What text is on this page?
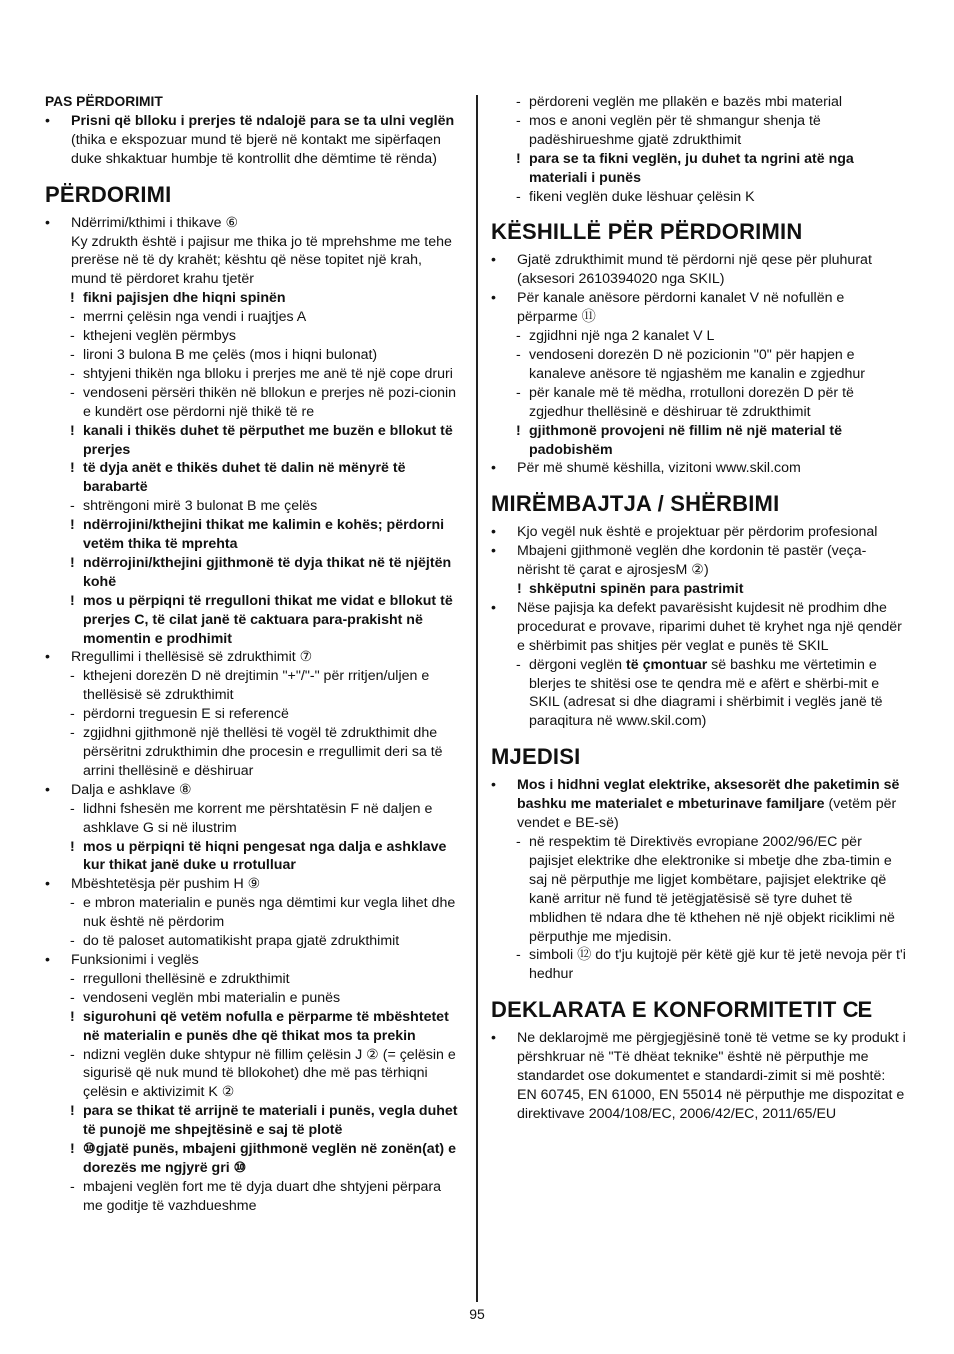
PAS PËRDORIMIT
• Prisni që blloku i prerjes të ndalojë para se ta ulni veglën (thika e ekspozuar mund të bjerë në kontakt me sipërfaqen duke shkaktuar humbje të kontrollit dhe dëmtime të rënda)
PËRDORIMI
• Ndërrimi/kthimi i thikave ⑥
Ky zdrukth është i pajisur me thika jo të mprehshme me tehe prerëse në të dy krahët; kështu që nëse topitet një krah, mund të përdoret krahu tjetër
! fikni pajisjen dhe hiqni spinën
- merrni çelësin nga vendi i ruajtjes A
- kthejeni veglën përmbys
- lironi 3 bulona B me çelës (mos i hiqni bulonat)
- shtyjeni thikën nga blloku i prerjes me anë të një cope druri
- vendoseni përsëri thikën në bllokun e prerjes në pozi-cionin e kundërt ose përdorni një thikë të re
! kanali i thikës duhet të përputhet me buzën e bllokut të prerjes
! të dyja anët e thikës duhet të dalin në mënyrë të barabartë
- shtrëngoni mirë 3 bulonat B me çelës
! ndërrojini/kthejini thikat me kalimin e kohës; përdorni vetëm thika të mprehta
! ndërrojini/kthejini gjithmonë të dyja thikat në të njëjtën kohë
! mos u përpiqni të rregulloni thikat me vidat e bllokut të prerjes C, të cilat janë të caktuara para-prakisht në momentin e prodhimit
• Rregullimi i thellësisë së zdrukthimit ⑦
- kthejeni dorezën D në drejtimin "+"/"-" për rritjen/uljen e thellësisë së zdrukthimit
- përdorni treguesin E si referencë
- zgjidhni gjithmonë një thellësi të vogël të zdrukthimit dhe përsëritni zdrukthimin dhe procesin e rregullimit deri sa të arrini thellësinë e dëshiruar
• Dalja e ashklave ⑧
- lidhni fshesën me korrent me përshtatësin F në daljen e ashklave G si në ilustrim
! mos u përpiqni të hiqni pengesat nga dalja e ashklave kur thikat janë duke u rrotulluar
• Mbështetësja për pushim H ⑨
- e mbron materialin e punës nga dëmtimi kur vegla lihet dhe nuk është në përdorim
- do të paloset automatikisht prapa gjatë zdrukthimit
• Funksionimi i veglës
- rregulloni thellësinë e zdrukthimit
- vendoseni veglën mbi materialin e punës
! sigurohuni që vetëm nofulla e përparme të mbështetet në materialin e punës dhe që thikat mos ta prekin
- ndizni veglën duke shtypur në fillim çelësin J ② (= çelësin e sigurisë që nuk mund të bllokohet) dhe më pas tërhiqni çelësin e aktivizimit K ②
! para se thikat të arrijnë te materiali i punës, vegla duhet të punojë me shpejtësinë e saj të plotë
! ⑩gjatë punës, mbajeni gjithmonë veglën në zonën(at) e dorezës me ngjyrë gri ⑩
- mbajeni veglën fort me të dyja duart dhe shtyjeni përpara me goditje të vazhdueshme
- përdoreni veglën me pllakën e bazës mbi material
- mos e anoni veglën për të shmangur shenja të padëshirueshme gjatë zdrukthimit
! para se ta fikni veglën, ju duhet ta ngrini atë nga materiali i punës
- fikeni veglën duke lëshuar çelësin K
KËSHILLË PËR PËRDORIMIN
• Gjatë zdrukthimit mund të përdorni një qese për pluhurat (aksesori 2610394020 nga SKIL)
• Për kanale anësore përdorni kanalet V në nofullën e përparme ⑪
- zgjidhni një nga 2 kanalet V L
- vendoseni dorezën D në pozicionin "0" për hapjen e kanaleve anësore të ngjashëm me kanalin e zgjedhur
- për kanale më të mëdha, rrotulloni dorezën D për të zgjedhur thellësinë e dëshiruar të zdrukthimit
! gjithmonë provojeni në fillim në një material të padobishëm
• Për më shumë këshilla, vizitoni www.skil.com
MIRËMBAJTJA / SHËRBIMI
• Kjo vegël nuk është e projektuar për përdorim profesional
• Mbajeni gjithmonë veglën dhe kordonin të pastër (veça-nërisht të çarat e ajrosjesM ②)
! shkëputni spinën para pastrimit
• Nëse pajisja ka defekt pavarësisht kujdesit në prodhim dhe procedurat e provave, riparimi duhet të kryhet nga një qendër e shërbimit pas shitjes për veglat e punës të SKIL
- dërgoni veglën të çmontuar së bashku me vërtetimin e blerjes te shitësi ose te qendra më e afërt e shërbi-mit e SKIL (adresat si dhe diagrami i shërbimit i veglës janë të paraqitura në www.skil.com)
MJEDISI
• Mos i hidhni veglat elektrike, aksesorët dhe paketimin së bashku me materialet e mbeturinave familjare (vetëm për vendet e BE-së)
- në respektim të Direktivës evropiane 2002/96/EC për pajisjet elektrike dhe elektronike si mbetje dhe zba-timin e saj në përputhje me ligjet kombëtare, pajisjet elektrike që kanë arritur në fund të jetëgjatësisë së tyre duhet të mblidhen të ndara dhe të kthehen në një objekt riciklimi në përputhje me mjedisin.
- simboli ⑫ do t'ju kujtojë për këtë gjë kur të jetë nevoja për t'i hedhur
DEKLARATA E KONFORMITETIT CE
• Ne deklarojmë me përgjegjësinë tonë të vetme se ky produkt i përshkruar në "Të dhëat teknike" është në përputhje me standardet ose dokumentet e standardi-zimit si më poshtë: EN 60745, EN 61000, EN 55014 në përputhje me dispozitat e direktivave 2004/108/EC, 2006/42/EC, 2011/65/EU
95
